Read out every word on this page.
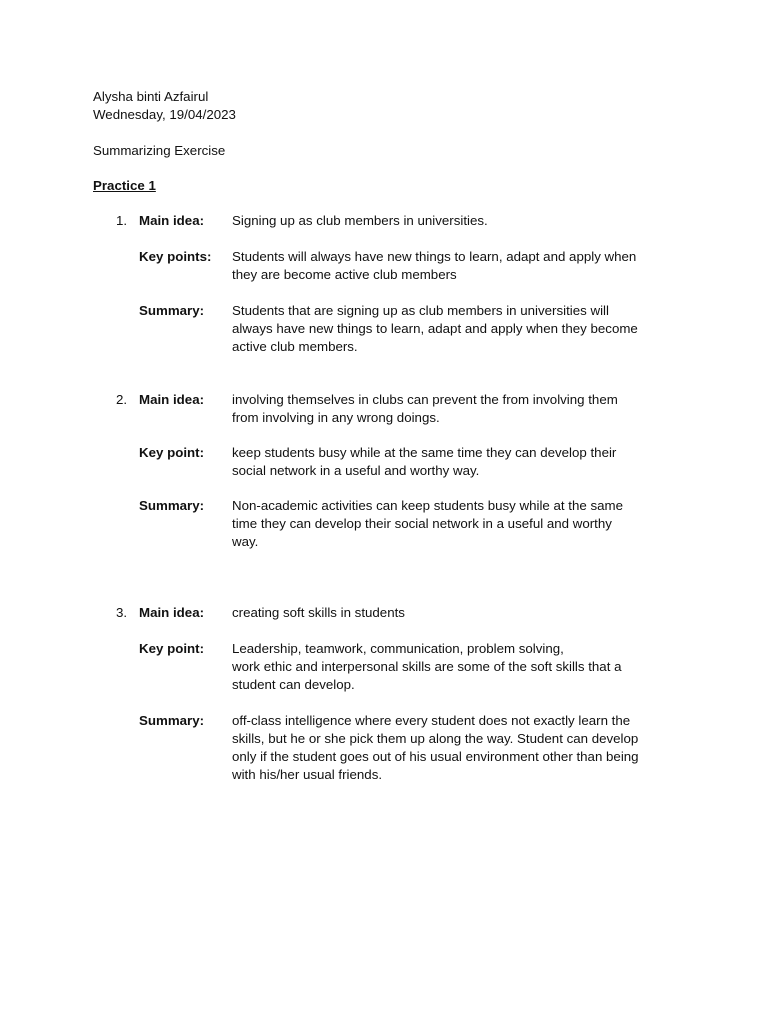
Alysha binti Azfairul
Wednesday, 19/04/2023
Summarizing Exercise
Practice 1
1. Main idea: Signing up as club members in universities.
Key points: Students will always have new things to learn, adapt and apply when
they are become active club members
Summary: Students that are signing up as club members in universities will
always have new things to learn, adapt and apply when they become
active club members.
2. Main idea: involving themselves in clubs can prevent the from involving them
from involving in any wrong doings.
Key point: keep students busy while at the same time they can develop their
social network in a useful and worthy way.
Summary: Non-academic activities can keep students busy while at the same
time they can develop their social network in a useful and worthy
way.
3. Main idea: creating soft skills in students
Key point: Leadership, teamwork, communication, problem solving,
work ethic and interpersonal skills are some of the soft skills that a
student can develop.
Summary: off-class intelligence where every student does not exactly learn the
skills, but he or she pick them up along the way. Student can develop
only if the student goes out of his usual environment other than being
with his/her usual friends.
